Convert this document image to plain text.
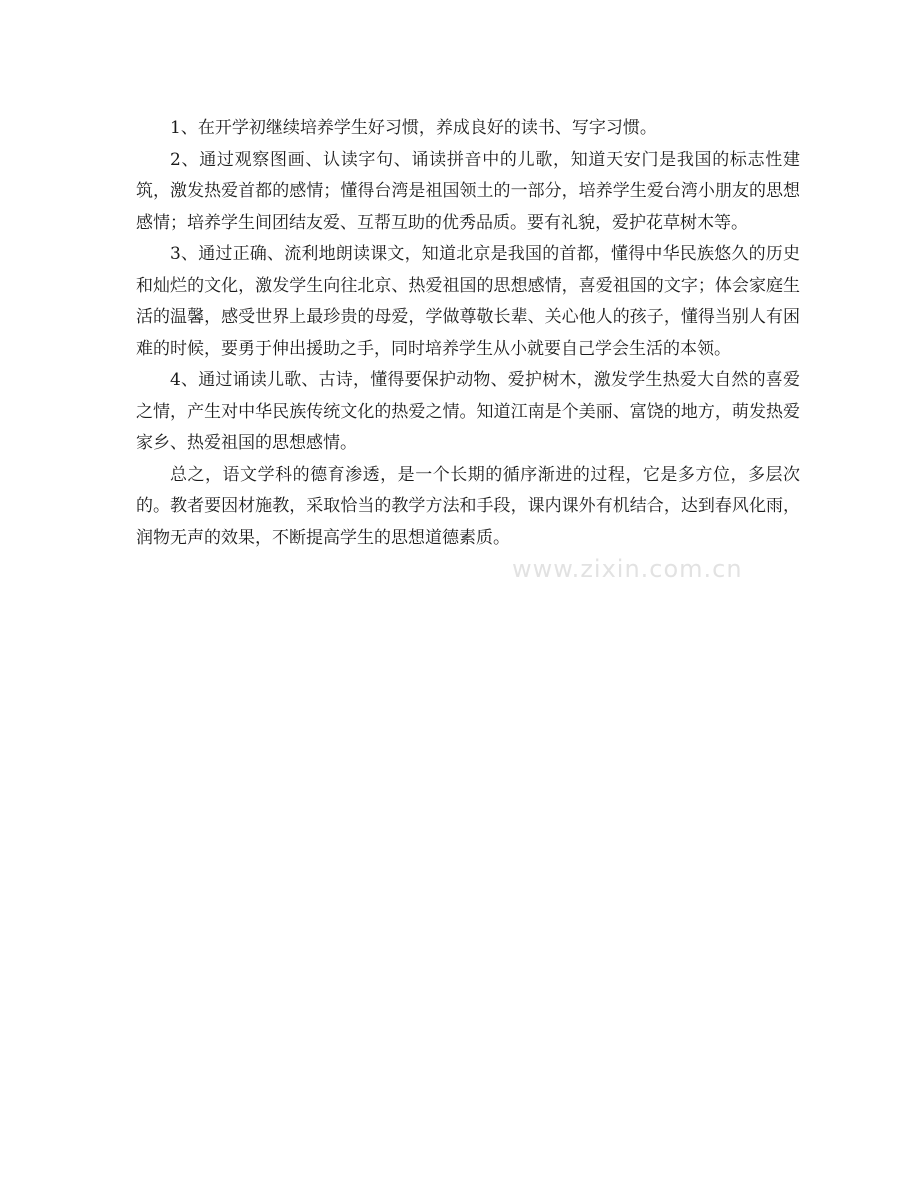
1、在开学初继续培养学生好习惯，养成良好的读书、写字习惯。

2、通过观察图画、认读字句、诵读拼音中的儿歌，知道天安门是我国的标志性建筑，激发热爱首都的感情；懂得台湾是祖国领土的一部分，培养学生爱台湾小朋友的思想感情；培养学生间团结友爱、互帮互助的优秀品质。要有礼貌，爱护花草树木等。

3、通过正确、流利地朗读课文，知道北京是我国的首都，懂得中华民族悠久的历史和灿烂的文化，激发学生向往北京、热爱祖国的思想感情，喜爱祖国的文字；体会家庭生活的温馨，感受世界上最珍贵的母爱，学做尊敬长辈、关心他人的孩子，懂得当别人有困难的时候，要勇于伸出援助之手，同时培养学生从小就要自己学会生活的本领。

4、通过诵读儿歌、古诗，懂得要保护动物、爱护树木，激发学生热爱大自然的喜爱之情，产生对中华民族传统文化的热爱之情。知道江南是个美丽、富饶的地方，萌发热爱家乡、热爱祖国的思想感情。

总之，语文学科的德育渗透，是一个长期的循序渐进的过程，它是多方位，多层次的。教者要因材施教，采取恰当的教学方法和手段，课内课外有机结合，达到春风化雨，润物无声的效果，不断提高学生的思想道德素质。

www.zixin.com.cn
